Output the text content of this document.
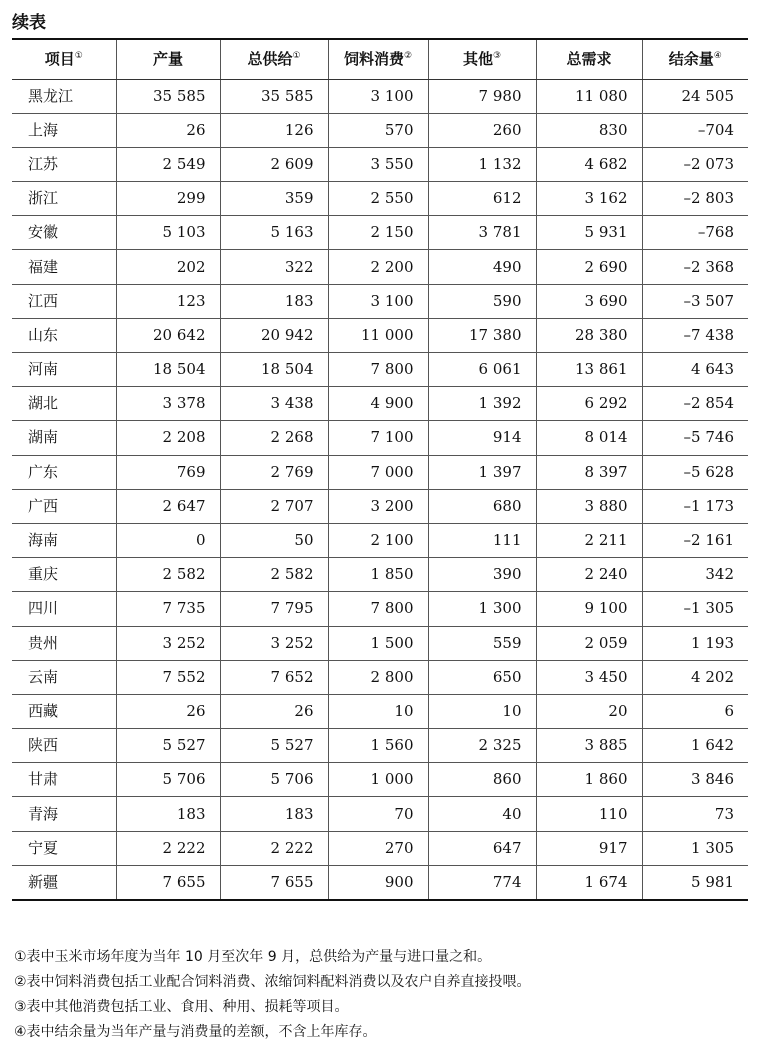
续表
项目①	产量	总供给①	饲料消费②	其他③	总需求	结余量④
黑龙江	35 585	35 585	3 100	7 980	11 080	24 505
上海	26	126	570	260	830	–704
江苏	2 549	2 609	3 550	1 132	4 682	–2 073
浙江	299	359	2 550	612	3 162	–2 803
安徽	5 103	5 163	2 150	3 781	5 931	–768
福建	202	322	2 200	490	2 690	–2 368
江西	123	183	3 100	590	3 690	–3 507
山东	20 642	20 942	11 000	17 380	28 380	–7 438
河南	18 504	18 504	7 800	6 061	13 861	4 643
湖北	3 378	3 438	4 900	1 392	6 292	–2 854
湖南	2 208	2 268	7 100	914	8 014	–5 746
广东	769	2 769	7 000	1 397	8 397	–5 628
广西	2 647	2 707	3 200	680	3 880	–1 173
海南	0	50	2 100	111	2 211	–2 161
重庆	2 582	2 582	1 850	390	2 240	342
四川	7 735	7 795	7 800	1 300	9 100	–1 305
贵州	3 252	3 252	1 500	559	2 059	1 193
云南	7 552	7 652	2 800	650	3 450	4 202
西藏	26	26	10	10	20	6
陕西	5 527	5 527	1 560	2 325	3 885	1 642
甘肃	5 706	5 706	1 000	860	1 860	3 846
青海	183	183	70	40	110	73
宁夏	2 222	2 222	270	647	917	1 305
新疆	7 655	7 655	900	774	1 674	5 981
①表中玉米市场年度为当年 10 月至次年 9 月，总供给为产量与进口量之和。
②表中饲料消费包括工业配合饲料消费、浓缩饲料配料消费以及农户自养直接投喂。
③表中其他消费包括工业、食用、种用、损耗等项目。
④表中结余量为当年产量与消费量的差额，不含上年库存。
